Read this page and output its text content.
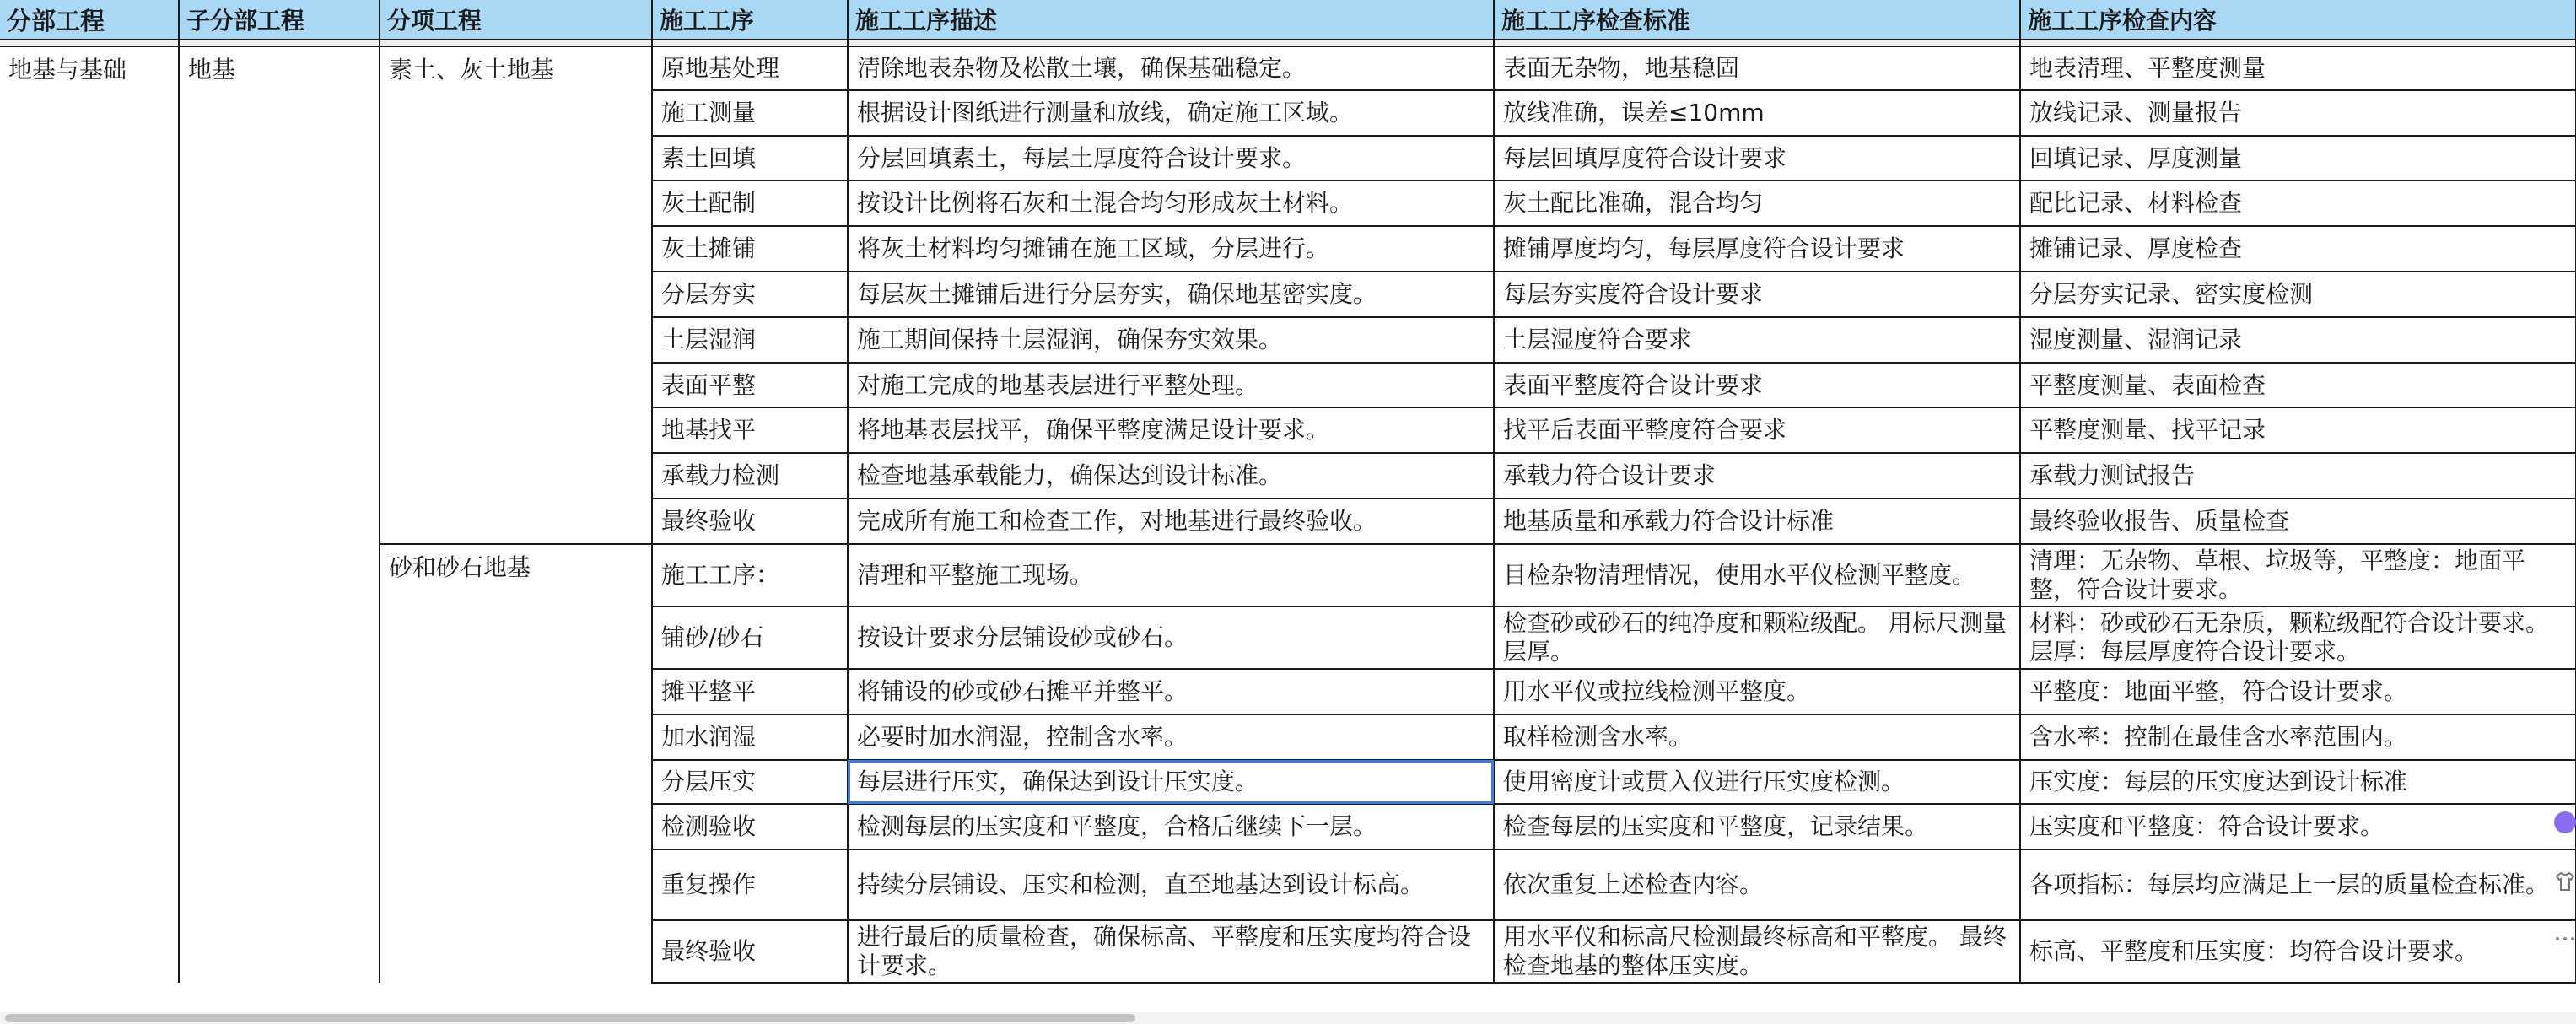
分部工程	子分部工程	分项工程	施工工序	施工工序描述	施工工序检查标准	施工工序检查内容

地基与基础	地基	素土、灰土地基	原地基处理	清除地表杂物及松散土壤，确保基础稳定。	表面无杂物，地基稳固	地表清理、平整度测量
			施工测量	根据设计图纸进行测量和放线，确定施工区域。	放线准确，误差≤10mm	放线记录、测量报告
			素土回填	分层回填素土，每层土厚度符合设计要求。	每层回填厚度符合设计要求	回填记录、厚度测量
			灰土配制	按设计比例将石灰和土混合均匀形成灰土材料。	灰土配比准确，混合均匀	配比记录、材料检查
			灰土摊铺	将灰土材料均匀摊铺在施工区域，分层进行。	摊铺厚度均匀，每层厚度符合设计要求	摊铺记录、厚度检查
			分层夯实	每层灰土摊铺后进行分层夯实，确保地基密实度。	每层夯实度符合设计要求	分层夯实记录、密实度检测
			土层湿润	施工期间保持土层湿润，确保夯实效果。	土层湿度符合要求	湿度测量、湿润记录
			表面平整	对施工完成的地基表层进行平整处理。	表面平整度符合设计要求	平整度测量、表面检查
			地基找平	将地基表层找平，确保平整度满足设计要求。	找平后表面平整度符合要求	平整度测量、找平记录
			承载力检测	检查地基承载能力，确保达到设计标准。	承载力符合设计要求	承载力测试报告
			最终验收	完成所有施工和检查工作，对地基进行最终验收。	地基质量和承载力符合设计标准	最终验收报告、质量检查
		砂和砂石地基	施工工序：	清理和平整施工现场。	目检杂物清理情况，使用水平仪检测平整度。	清理：无杂物、草根、垃圾等，平整度：地面平整，符合设计要求。
			铺砂/砂石	按设计要求分层铺设砂或砂石。	检查砂或砂石的纯净度和颗粒级配。 用标尺测量层厚。	材料：砂或砂石无杂质，颗粒级配符合设计要求。 层厚：每层厚度符合设计要求。
			摊平整平	将铺设的砂或砂石摊平并整平。	用水平仪或拉线检测平整度。	平整度：地面平整，符合设计要求。
			加水润湿	必要时加水润湿，控制含水率。	取样检测含水率。	含水率：控制在最佳含水率范围内。
			分层压实	每层进行压实，确保达到设计压实度。	使用密度计或贯入仪进行压实度检测。	压实度：每层的压实度达到设计标准
			检测验收	检测每层的压实度和平整度，合格后继续下一层。	检查每层的压实度和平整度，记录结果。	压实度和平整度：符合设计要求。
			重复操作	持续分层铺设、压实和检测，直至地基达到设计标高。	依次重复上述检查内容。	各项指标：每层均应满足上一层的质量检查标准。
			最终验收	进行最后的质量检查，确保标高、平整度和压实度均符合设计要求。	用水平仪和标高尺检测最终标高和平整度。 最终检查地基的整体压实度。	标高、平整度和压实度：均符合设计要求。
